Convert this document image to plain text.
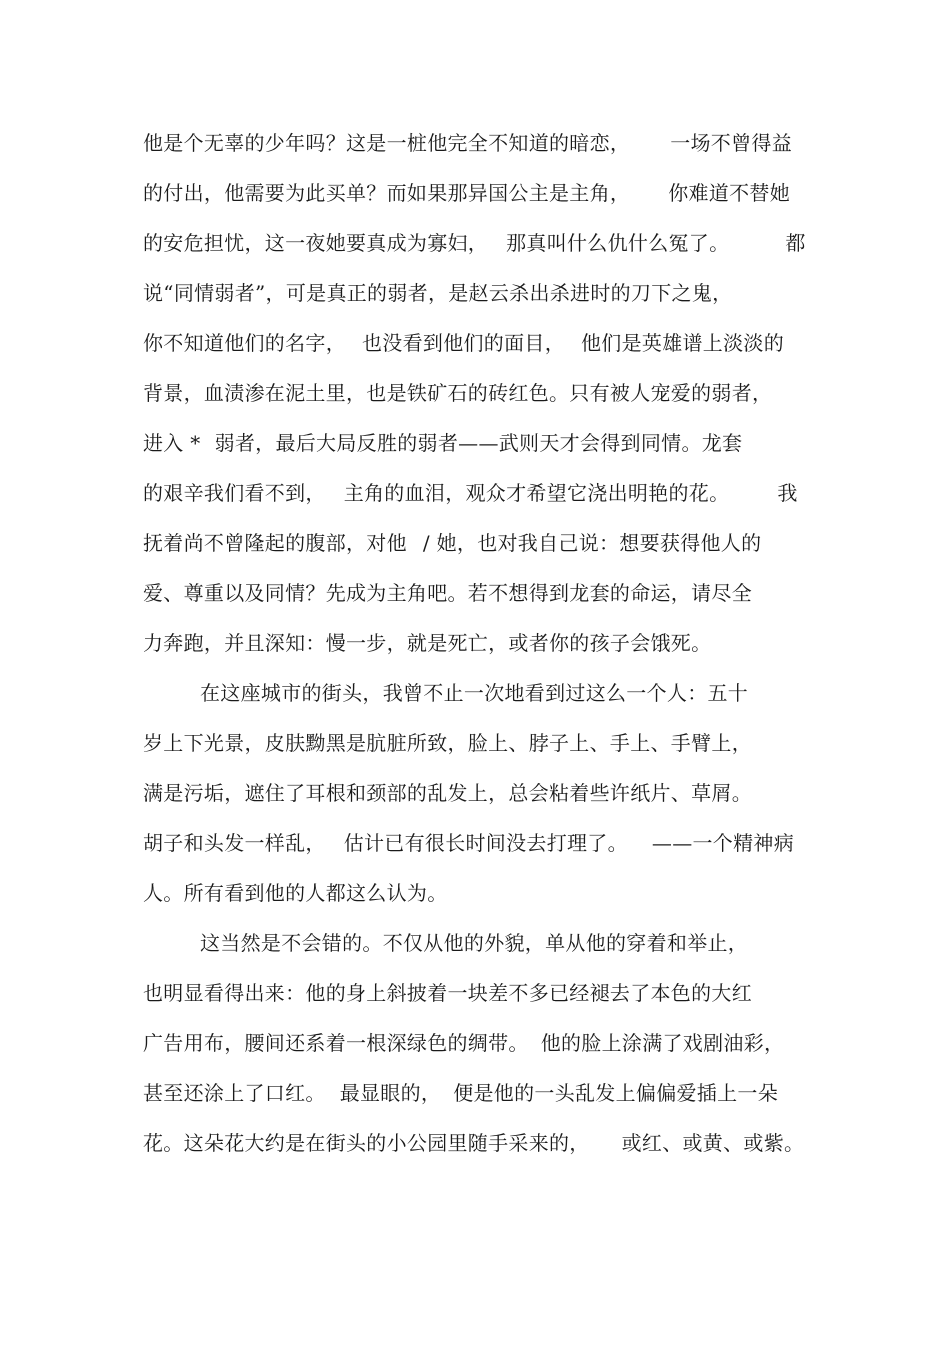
他是个无辜的少年吗？这是一桩他完全不知道的暗恋， 一场不曾得益
的付出，他需要为此买单？而如果那异国公主是主角， 你难道不替她
的安危担忧，这一夜她要真成为寡妇， 那真叫什么仇什么冤了。	都
说“同情弱者”，可是真正的弱者，是赵云杀出杀进时的刀下之鬼，
你不知道他们的名字， 也没看到他们的面目， 他们是英雄谱上淡淡的
背景，血渍渗在泥土里，也是铁矿石的砖红色。只有被人宠爱的弱者，
进入 * 弱者，最后大局反胜的弱者——武则天才会得到同情。龙套
的艰辛我们看不到， 主角的血泪，观众才希望它浇出明艳的花。 我
抚着尚不曾隆起的腹部，对他 / 她，也对我自己说：想要获得他人的
爱、尊重以及同情？先成为主角吧。若不想得到龙套的命运，请尽全
力奔跑，并且深知：慢一步，就是死亡，或者你的孩子会饿死。
在这座城市的街头，我曾不止一次地看到过这么一个人：五十
岁上下光景，皮肤黝黑是肮脏所致，脸上、脖子上、手上、手臂上，
满是污垢，遮住了耳根和颈部的乱发上，总会粘着些许纸片、草屑。
胡子和头发一样乱， 估计已有很长时间没去打理了。 ——一个精神病
人。所有看到他的人都这么认为。
这当然是不会错的。不仅从他的外貌，单从他的穿着和举止，
也明显看得出来：他的身上斜披着一块差不多已经褪去了本色的大红
广告用布，腰间还系着一根深绿色的绸带。 他的脸上涂满了戏剧油彩，
甚至还涂上了口红。 最显眼的， 便是他的一头乱发上偏偏爱插上一朵
花。这朵花大约是在街头的小公园里随手采来的， 或红、或黄、或紫。
